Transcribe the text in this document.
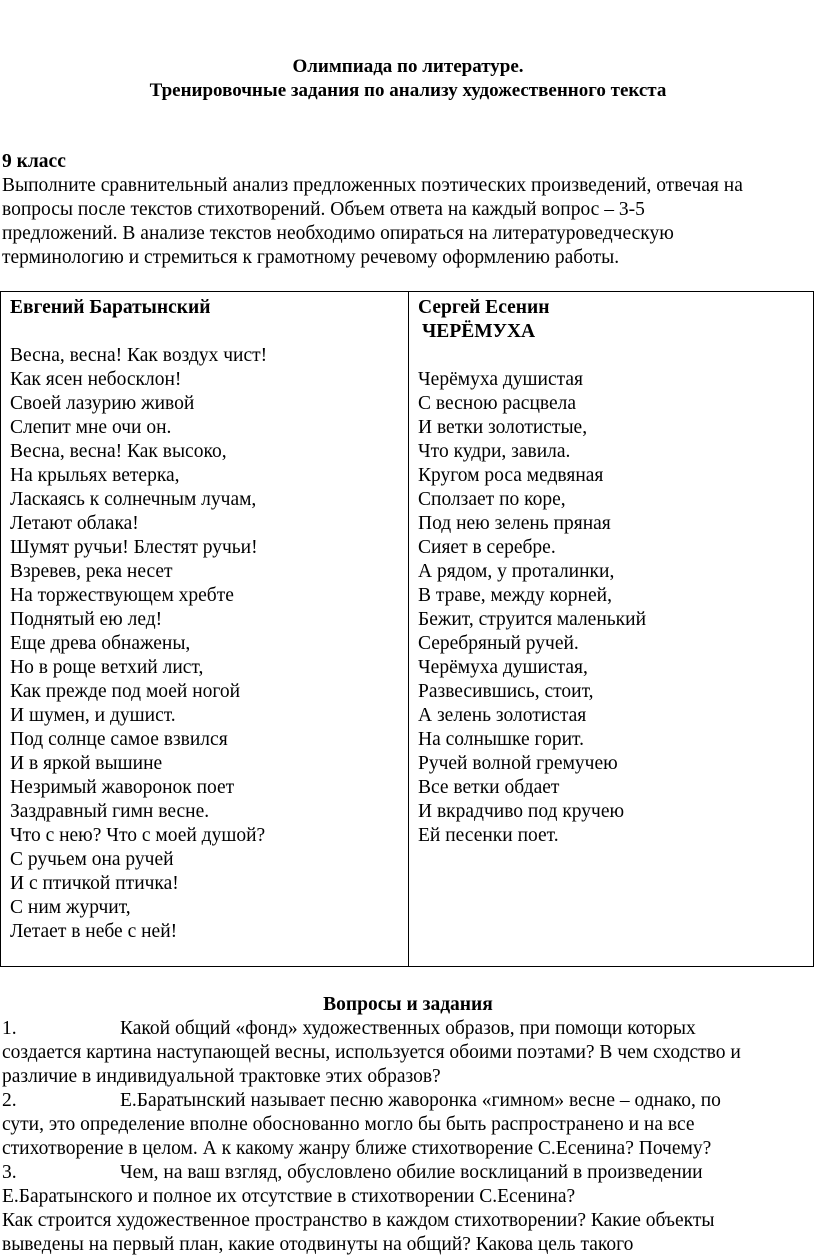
Олимпиада по литературе.
Тренировочные задания по анализу художественного текста
9 класс
Выполните сравнительный анализ предложенных поэтических произведений, отвечая на
вопросы после текстов стихотворений. Объем ответа на каждый вопрос – 3-5
предложений. В анализе текстов необходимо опираться на литературоведческую
терминологию и стремиться к грамотному речевому оформлению работы.
Евгений Баратынский
Весна, весна! Как воздух чист!
Как ясен небосклон!
Своей лазурию живой
Слепит мне очи он.
Весна, весна! Как высоко,
На крыльях ветерка,
Ласкаясь к солнечным лучам,
Летают облака!
Шумят ручьи! Блестят ручьи!
Взревев, река несет
На торжествующем хребте
Поднятый ею лед!
Еще древа обнажены,
Но в роще ветхий лист,
Как прежде под моей ногой
И шумен, и душист.
Под солнце самое взвился
И в яркой вышине
Незримый жаворонок поет
Заздравный гимн весне.
Что с нею? Что с моей душой?
С ручьем она ручей
И с птичкой птичка!
С ним журчит,
Летает в небе с ней!
Сергей Есенин
ЧЕРЁМУХА
Черёмуха душистая
С весною расцвела
И ветки золотистые,
Что кудри, завила.
Кругом роса медвяная
Сползает по коре,
Под нею зелень пряная
Сияет в серебре.
А рядом, у проталинки,
В траве, между корней,
Бежит, струится маленький
Серебряный ручей.
Черёмуха душистая,
Развесившись, стоит,
А зелень золотистая
На солнышке горит.
Ручей волной гремучею
Все ветки обдает
И вкрадчиво под кручею
Ей песенки поет.
Вопросы и задания
1.	Какой общий «фонд» художественных образов, при помощи которых
создается картина наступающей весны, используется обоими поэтами? В чем сходство и
различие в индивидуальной трактовке этих образов?
2.	Е.Баратынский называет песню жаворонка «гимном» весне – однако, по
сути, это определение вполне обоснованно могло бы быть распространено и на все
стихотворение в целом. А к какому жанру ближе стихотворение С.Есенина? Почему?
3.	Чем, на ваш взгляд, обусловлено обилие восклицаний в произведении
Е.Баратынского и полное их отсутствие в стихотворении С.Есенина?
Как строится художественное пространство в каждом стихотворении? Какие объекты
выведены на первый план, какие отодвинуты на общий? Какова цель такого
